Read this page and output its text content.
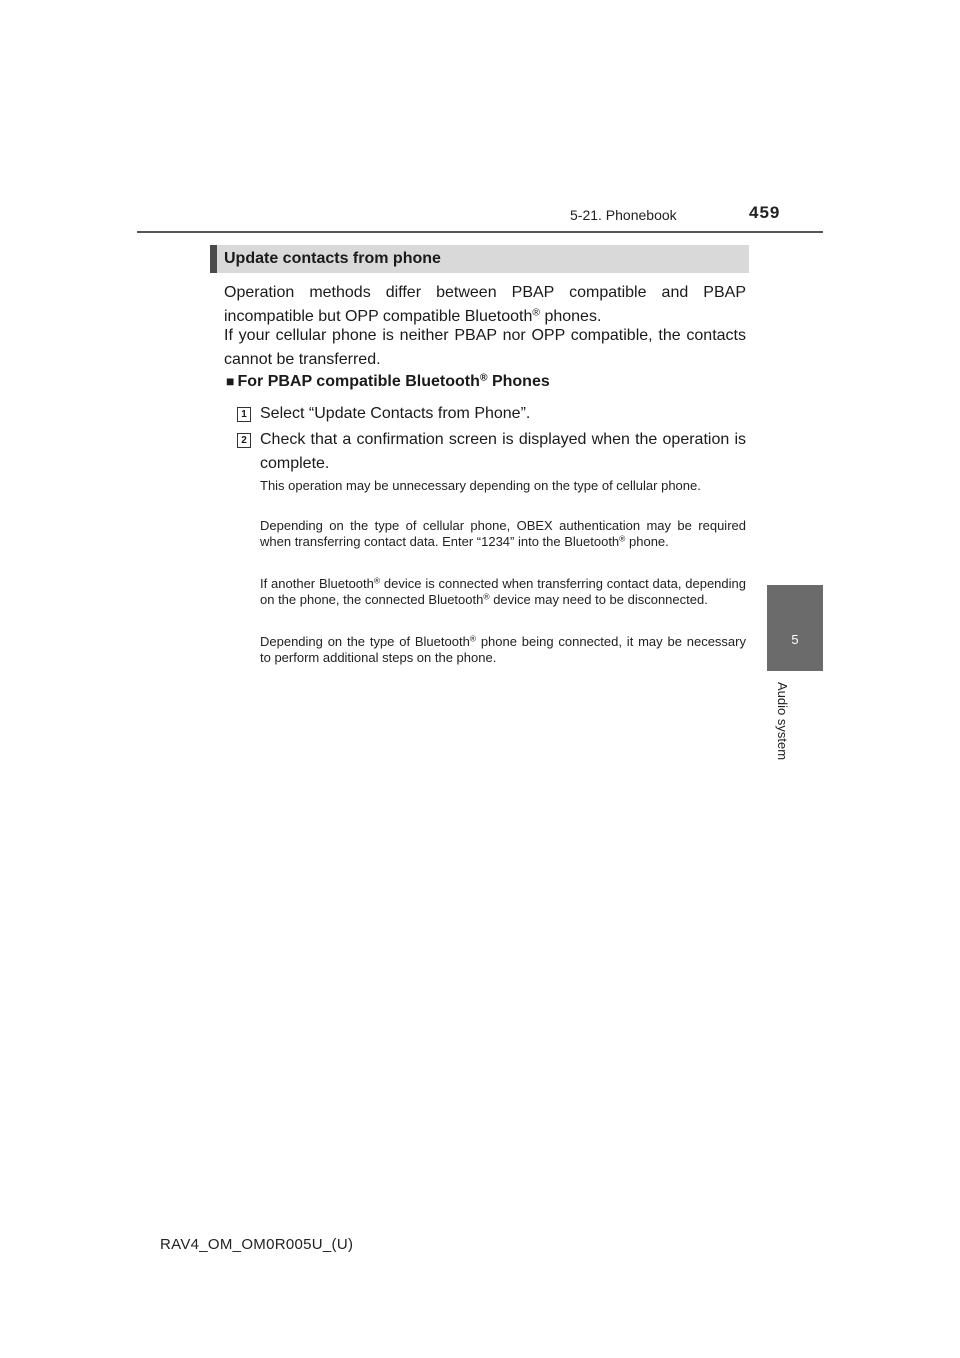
5-21. Phonebook	459
5
Audio system
Update contacts from phone
Operation methods differ between PBAP compatible and PBAP incompatible but OPP compatible Bluetooth® phones.
If your cellular phone is neither PBAP nor OPP compatible, the contacts cannot be transferred.
■ For PBAP compatible Bluetooth® Phones
1 Select “Update Contacts from Phone”.
2 Check that a confirmation screen is displayed when the operation is complete.
This operation may be unnecessary depending on the type of cellular phone.
Depending on the type of cellular phone, OBEX authentication may be required when transferring contact data. Enter “1234” into the Bluetooth® phone.
If another Bluetooth® device is connected when transferring contact data, depending on the phone, the connected Bluetooth® device may need to be disconnected.
Depending on the type of Bluetooth® phone being connected, it may be necessary to perform additional steps on the phone.
RAV4_OM_OM0R005U_(U)
